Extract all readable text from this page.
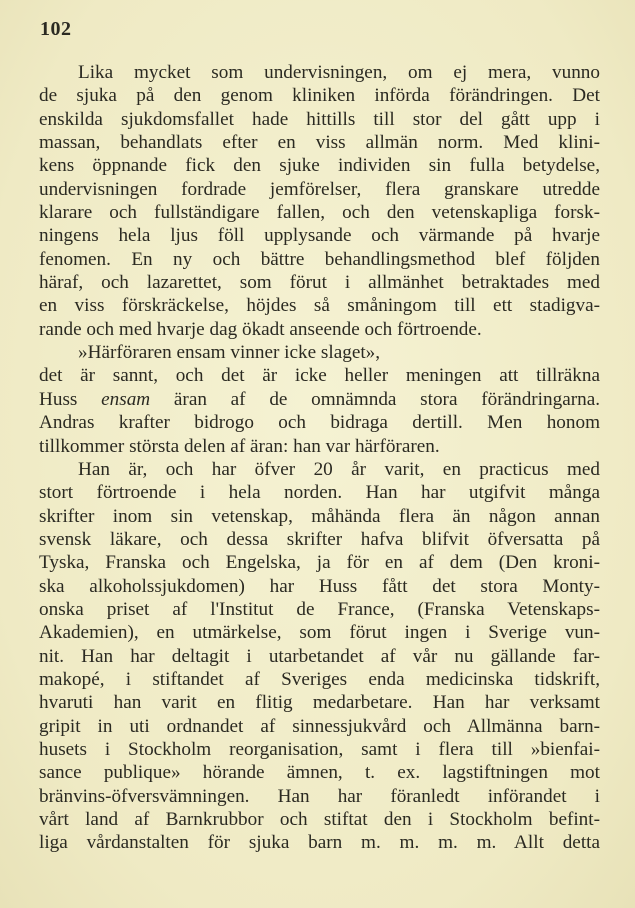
102
Lika mycket som undervisningen, om ej mera, vunno
de sjuka på den genom kliniken införda förändringen. Det
enskilda sjukdomsfallet hade hittills till stor del gått upp i
massan, behandlats efter en viss allmän norm. Med klini-
kens öppnande fick den sjuke individen sin fulla betydelse,
undervisningen fordrade jemförelser, flera granskare utredde
klarare och fullständigare fallen, och den vetenskapliga forsk-
ningens hela ljus föll upplysande och värmande på hvarje
fenomen. En ny och bättre behandlingsmethod blef följden
häraf, och lazarettet, som förut i allmänhet betraktades med
en viss förskräckelse, höjdes så småningom till ett stadigva-
rande och med hvarje dag ökadt anseende och förtroende.
»Härföraren ensam vinner icke slaget»,
det är sannt, och det är icke heller meningen att tillräkna
Huss ensam äran af de omnämnda stora förändringarna.
Andras krafter bidrogo och bidraga dertill. Men honom
tillkommer största delen af äran: han var härföraren.
Han är, och har öfver 20 år varit, en practicus med
stort förtroende i hela norden. Han har utgifvit många
skrifter inom sin vetenskap, måhända flera än någon annan
svensk läkare, och dessa skrifter hafva blifvit öfversatta på
Tyska, Franska och Engelska, ja för en af dem (Den kroni-
ska alkoholssjukdomen) har Huss fått det stora Monty-
onska priset af l'Institut de France, (Franska Vetenskaps-
Akademien), en utmärkelse, som förut ingen i Sverige vun-
nit. Han har deltagit i utarbetandet af vår nu gällande far-
makopé, i stiftandet af Sveriges enda medicinska tidskrift,
hvaruti han varit en flitig medarbetare. Han har verksamt
gripit in uti ordnandet af sinnessjukvård och Allmänna barn-
husets i Stockholm reorganisation, samt i flera till »bienfai-
sance publique» hörande ämnen, t. ex. lagstiftningen mot
bränvins-öfversvämningen. Han har föranledt införandet i
vårt land af Barnkrubbor och stiftat den i Stockholm befint-
liga vårdanstalten för sjuka barn m. m. m. m. Allt detta
